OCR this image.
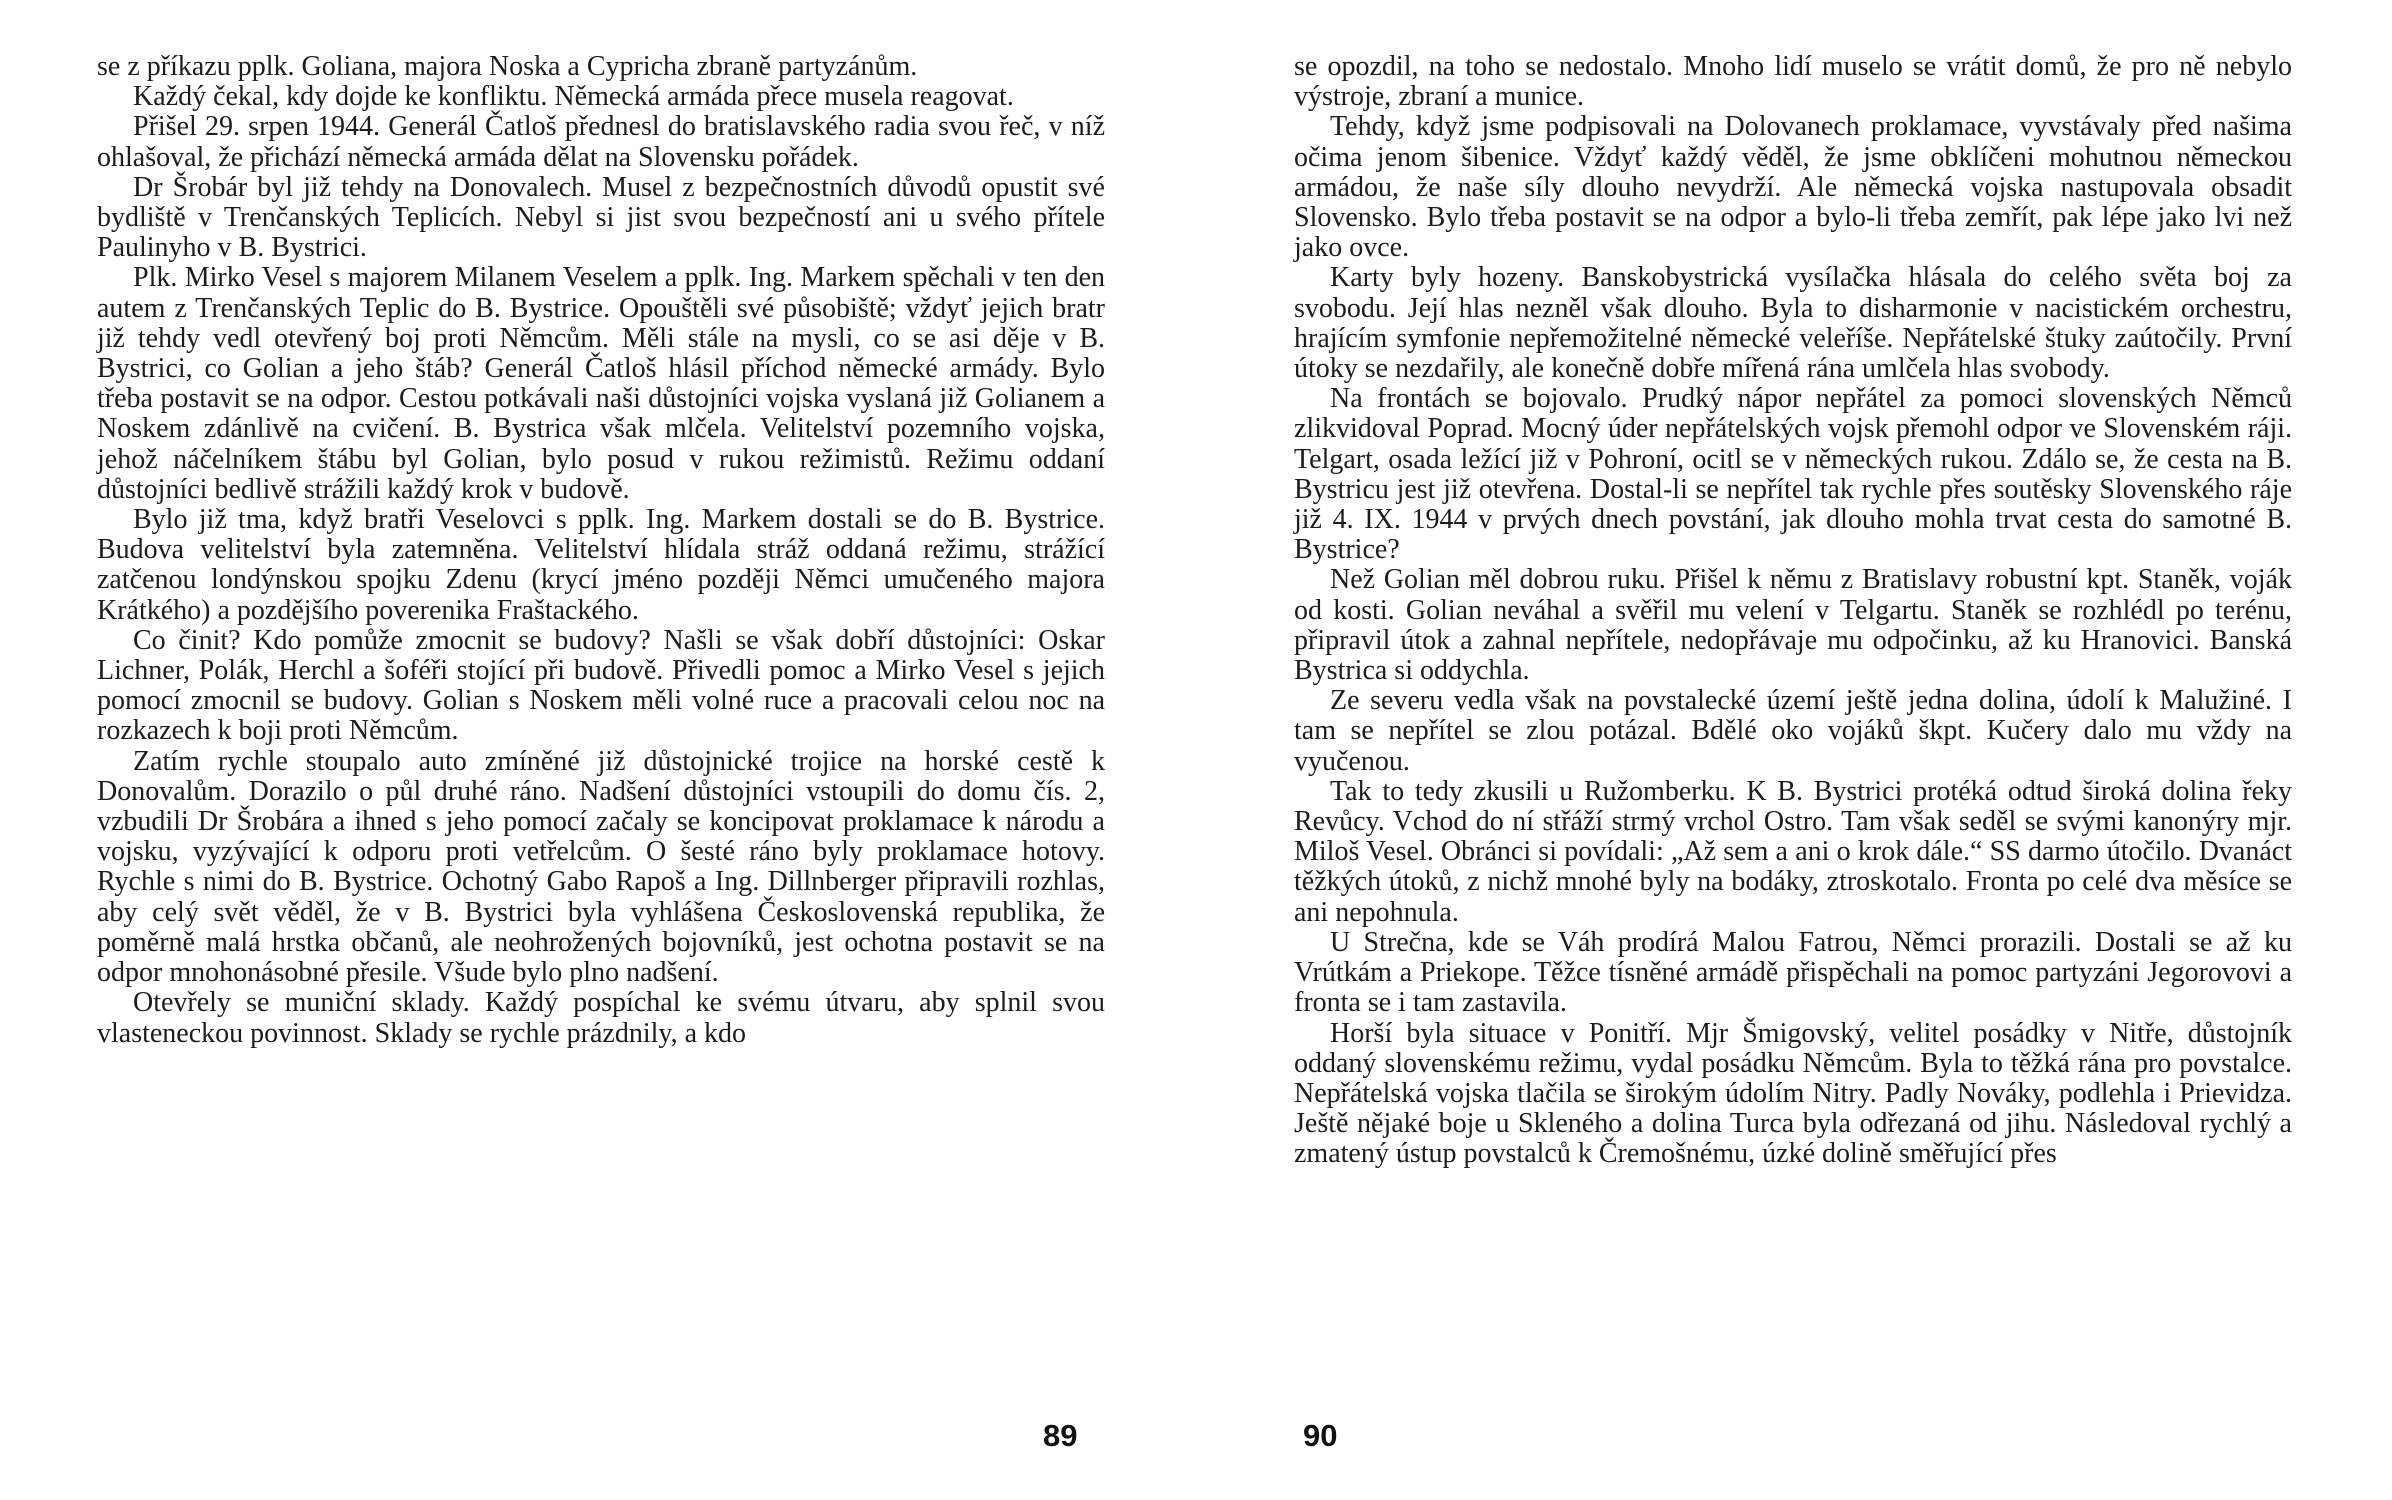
se z příkazu pplk. Goliana, majora Noska a Cypricha zbraně partyzánům.

Každý čekal, kdy dojde ke konfliktu. Německá armáda přece musela reagovat.

Přišel 29. srpen 1944. Generál Čatloš přednesl do bratislavského radia svou řeč, v níž ohlašoval, že přichází německá armáda dělat na Slovensku pořádek.

Dr Šrobár byl již tehdy na Donovalech. Musel z bezpečnostních důvodů opustit své bydliště v Trenčanských Teplicích. Nebyl si jist svou bezpečností ani u svého přítele Paulinyho v B. Bystrici.

Plk. Mirko Vesel s majorem Milanem Veselem a pplk. Ing. Markem spěchali v ten den autem z Trenčanských Teplic do B. Bystrice. Opouštěli své působiště; vždyť jejich bratr již tehdy vedl otevřený boj proti Němcům. Měli stále na mysli, co se asi děje v B. Bystrici, co Golian a jeho štáb? Generál Čatloš hlásil příchod německé armády. Bylo třeba postavit se na odpor. Cestou potkávali naši důstojníci vojska vyslaná již Golianem a Noskem zdánlivě na cvičení. B. Bystrica však mlčela. Velitelství pozemního vojska, jehož náčelníkem štábu byl Golian, bylo posud v rukou režimistů. Režimu oddaní důstojníci bedlivě strážili každý krok v budově.

Bylo již tma, když bratři Veselovci s pplk. Ing. Markem dostali se do B. Bystrice. Budova velitelství byla zatemněna. Velitelství hlídala stráž oddaná režimu, strážící zatčenou londýnskou spojku Zdenu (krycí jméno později Němci umučeného majora Krátkého) a pozdějšího poverenika Fraštackého.

Co činit? Kdo pomůže zmocnit se budovy? Našli se však dobří důstojníci: Oskar Lichner, Polák, Herchl a šoféři stojící při budově. Přivedli pomoc a Mirko Vesel s jejich pomocí zmocnil se budovy. Golian s Noskem měli volné ruce a pracovali celou noc na rozkazech k boji proti Němcům.

Zatím rychle stoupalo auto zmíněné již důstojnické trojice na horské cestě k Donovalům. Dorazilo o půl druhé ráno. Nadšení důstojníci vstoupili do domu čís. 2, vzbudili Dr Šrobára a ihned s jeho pomocí začaly se koncipovat proklamace k národu a vojsku, vyzývající k odporu proti vetřelcům. O šesté ráno byly proklamace hotovy. Rychle s nimi do B. Bystrice. Ochotný Gabo Rapoš a Ing. Dillnberger připravili rozhlas, aby celý svět věděl, že v B. Bystrici byla vyhlášena Československá republika, že poměrně malá hrstka občanů, ale neohrožených bojovníků, jest ochotna postavit se na odpor mnohonásobné přesile. Všude bylo plno nadšení.

Otevřely se muniční sklady. Každý pospíchal ke svému útvaru, aby splnil svou vlasteneckou povinnost. Sklady se rychle prázdnily, a kdo

89

se opozdil, na toho se nedostalo. Mnoho lidí muselo se vrátit domů, že pro ně nebylo výstroje, zbraní a munice.

Tehdy, když jsme podpisovali na Dolovanech proklamace, vyvstávaly před našima očima jenom šibenice. Vždyť každý věděl, že jsme obklíčeni mohutnou německou armádou, že naše síly dlouho nevydrží. Ale německá vojska nastupovala obsadit Slovensko. Bylo třeba postavit se na odpor a bylo-li třeba zemřít, pak lépe jako lvi než jako ovce.

Karty byly hozeny. Banskobystrická vysílačka hlásala do celého světa boj za svobodu. Její hlas nezněl však dlouho. Byla to disharmonie v nacistickém orchestru, hrajícím symfonie nepřemožitelné německé veleříše. Nepřátelské štuky zaútočily. První útoky se nezdařily, ale konečně dobře mířená rána umlčela hlas svobody.

Na frontách se bojovalo. Prudký nápor nepřátel za pomoci slovenských Němců zlikvidoval Poprad. Mocný úder nepřátelských vojsk přemohl odpor ve Slovenském ráji. Telgart, osada ležící již v Pohroní, ocitl se v německých rukou. Zdálo se, že cesta na B. Bystricu jest již otevřena. Dostal-li se nepřítel tak rychle přes soutěsky Slovenského ráje již 4. IX. 1944 v prvých dnech povstání, jak dlouho mohla trvat cesta do samotné B. Bystrice?

Než Golian měl dobrou ruku. Přišel k němu z Bratislavy robustní kpt. Staněk, voják od kosti. Golian neváhal a svěřil mu velení v Telgartu. Staněk se rozhlédl po terénu, připravil útok a zahnal nepřítele, nedopřávaje mu odpočinku, až ku Hranovici. Banská Bystrica si oddychla.

Ze severu vedla však na povstalecké území ještě jedna dolina, údolí k Malužiné. I tam se nepřítel se zlou potázal. Bdělé oko vojáků škpt. Kučery dalo mu vždy na vyučenou.

Tak to tedy zkusili u Ružomberku. K B. Bystrici protéká odtud široká dolina řeky Revůcy. Vchod do ní střáží strmý vrchol Ostro. Tam však seděl se svými kanonýry mjr. Miloš Vesel. Obránci si povídali: „Až sem a ani o krok dále.“ SS darmo útočilo. Dvanáct těžkých útoků, z nichž mnohé byly na bodáky, ztroskotalo. Fronta po celé dva měsíce se ani nepohnula.

U Strečna, kde se Váh prodírá Malou Fatrou, Němci prorazili. Dostali se až ku Vrútkám a Priekope. Těžce tísněné armádě přispěchali na pomoc partyzáni Jegorovovi a fronta se i tam zastavila.

Horší byla situace v Ponitří. Mjr Šmigovský, velitel posádky v Nitře, důstojník oddaný slovenskému režimu, vydal posádku Němcům. Byla to těžká rána pro povstalce. Nepřátelská vojska tlačila se širokým údolím Nitry. Padly Nováky, podlehla i Prievidza. Ještě nějaké boje u Skleného a dolina Turca byla odřezaná od jihu. Následoval rychlý a zmatený ústup povstalců k Čremošnému, úzké dolině směřující přes

90
